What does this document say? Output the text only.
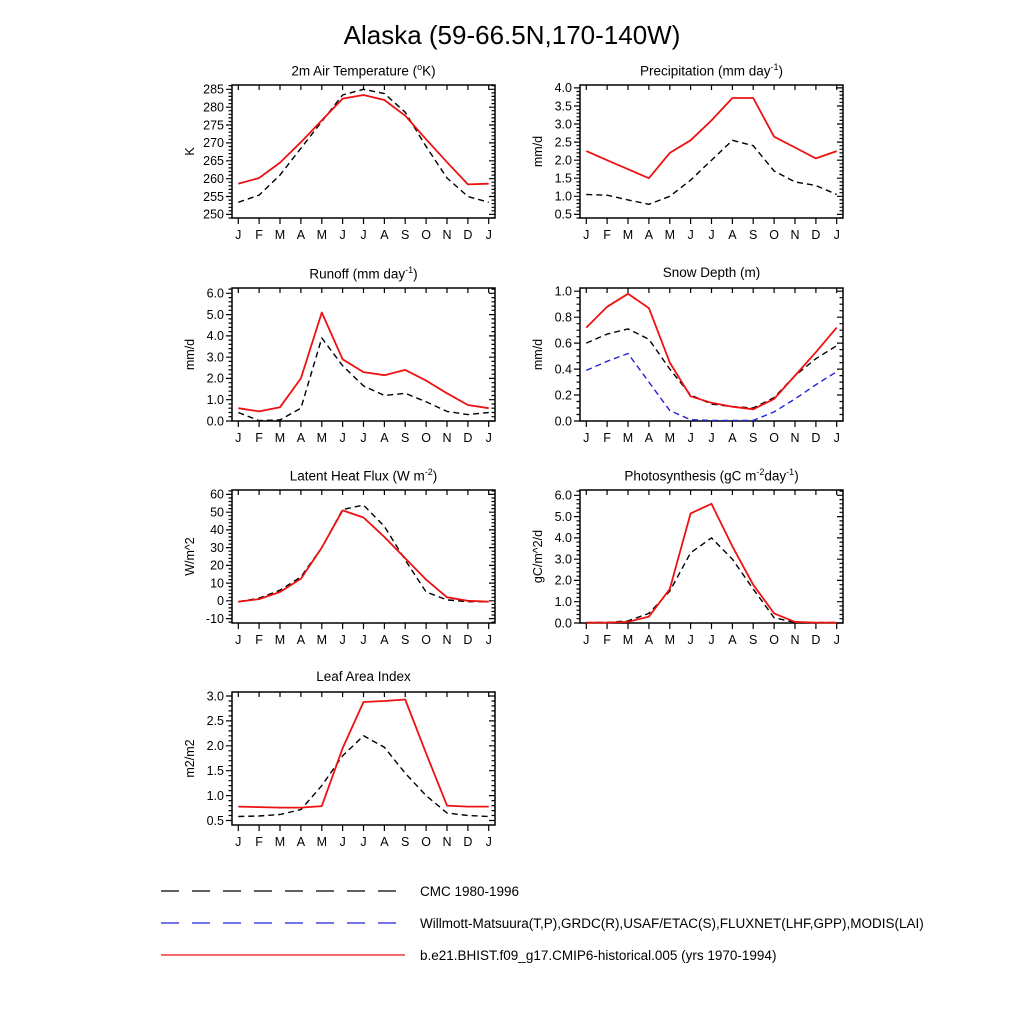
Alaska (59-66.5N,170-140W)
2m Air Temperature ($^o$K)
K
250
255
260
265
270
275
280
285
J F M A M J J A S O N D J
Precipitation (mm day$^{-1}$)
mm/d
0.5
1.0
1.5
2.0
2.5
3.0
3.5
4.0
J F M A M J J A S O N D J
Runoff (mm day$^{-1}$)
mm/d
0.0
1.0
2.0
3.0
4.0
5.0
6.0
J F M A M J J A S O N D J
Snow Depth (m)
mm/d
0.0
0.2
0.4
0.6
0.8
1.0
J F M A M J J A S O N D J
Latent Heat Flux (W $m^{-2}$)
W/m^2
-10
0
10
20
30
40
50
60
J F M A M J J A S O N D J
Photosynthesis (gC $m^{-2}day^{-1}$)
gC/m^2/d
0.0
1.0
2.0
3.0
4.0
5.0
6.0
J F M A M J J A S O N D J
Leaf Area Index
m2/m2
0.5
1.0
1.5
2.0
2.5
3.0
J F M A M J J A S O N D J
CMC 1980-1996
Willmott-Matsuura(T,P),GRDC(R),USAF/ETAC(S),FLUXNET(LHF,GPP),MODIS(LAI)
b.e21.BHIST.f09_g17.CMIP6-historical.005 (yrs 1970-1994)
